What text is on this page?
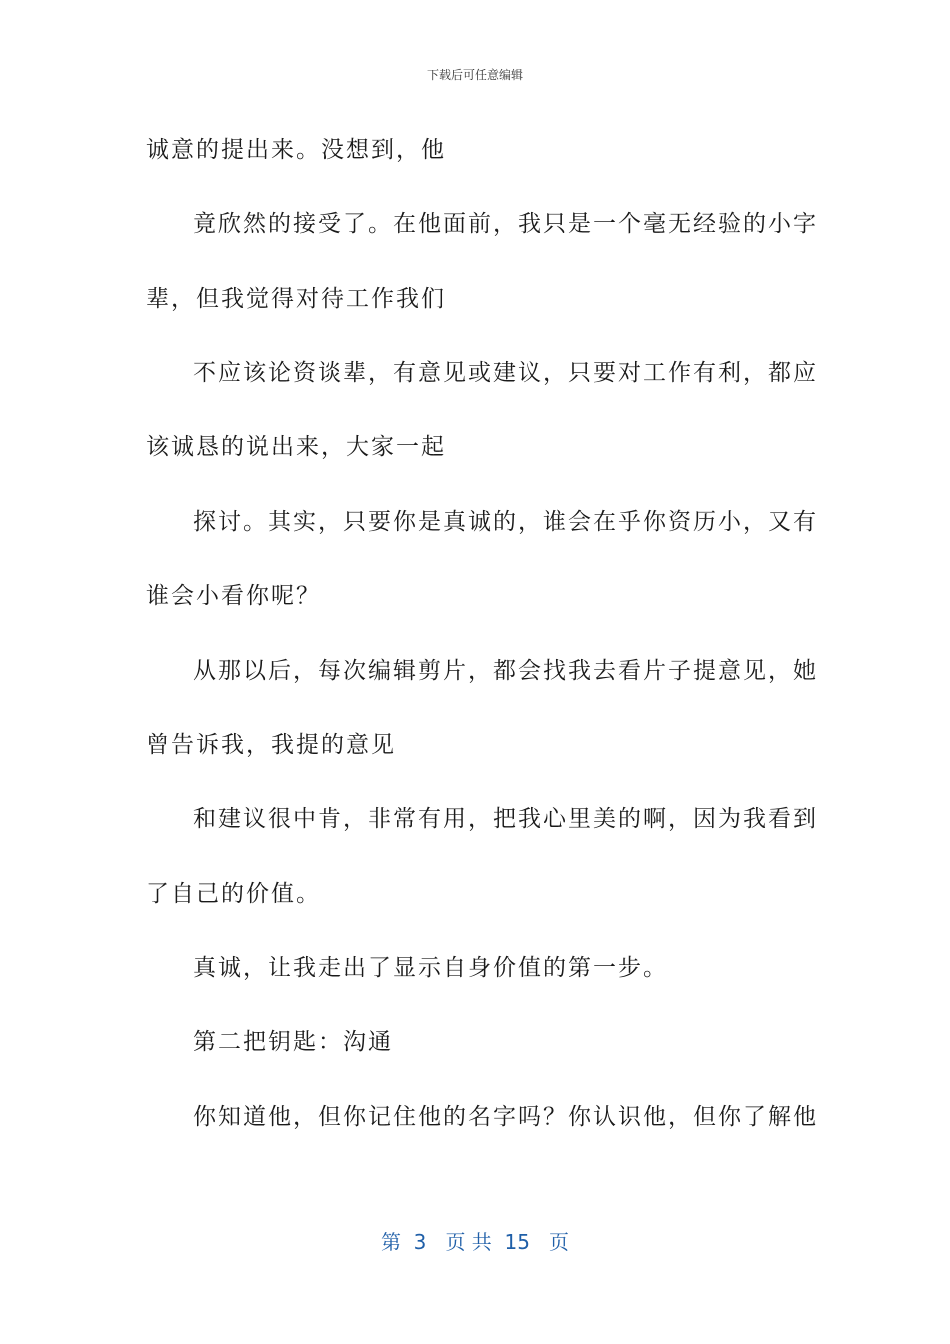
下载后可任意编辑
诚意的提出来。没想到，他
竟欣然的接受了。在他面前，我只是一个毫无经验的小字
辈，但我觉得对待工作我们
不应该论资谈辈，有意见或建议，只要对工作有利，都应
该诚恳的说出来，大家一起
探讨。其实，只要你是真诚的，谁会在乎你资历小，又有
谁会小看你呢？
从那以后，每次编辑剪片，都会找我去看片子提意见，她
曾告诉我，我提的意见
和建议很中肯，非常有用，把我心里美的啊，因为我看到
了自己的价值。
真诚，让我走出了显示自身价值的第一步。
第二把钥匙：沟通
你知道他，但你记住他的名字吗？你认识他，但你了解他
第  3   页 共  15   页
